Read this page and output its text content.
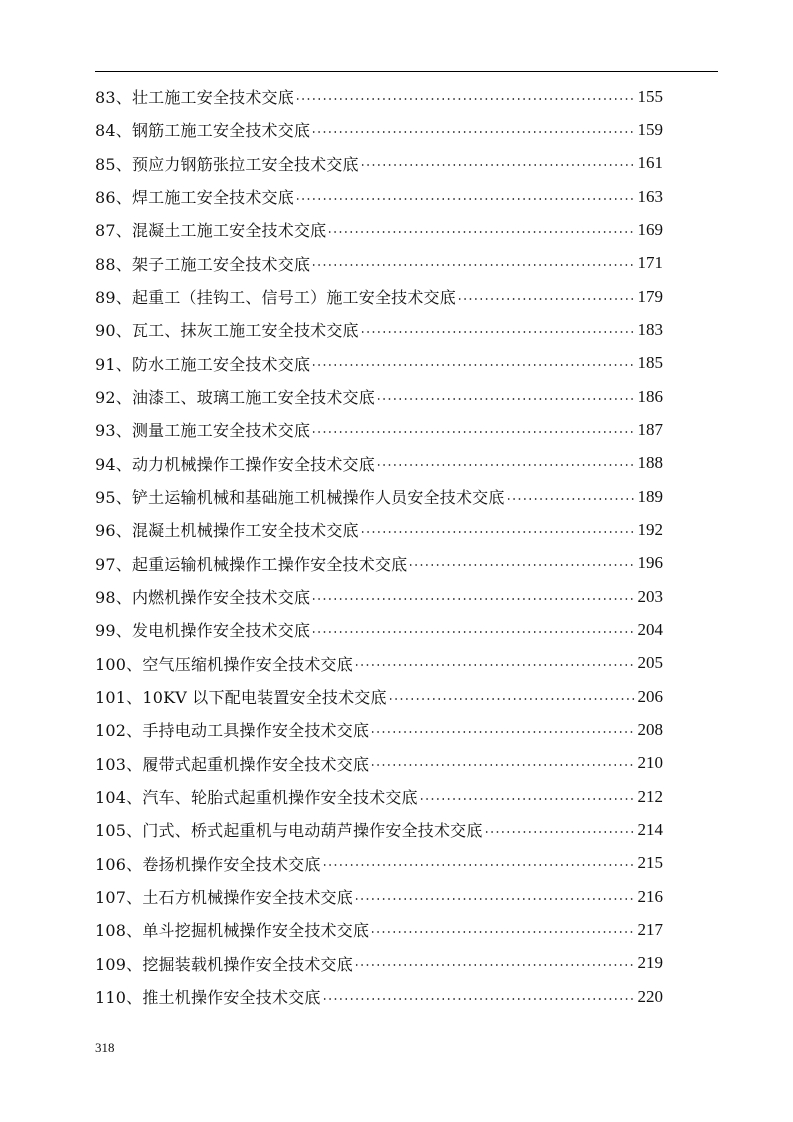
83、壮工施工安全技术交底	155
84、钢筋工施工安全技术交底	159
85、预应力钢筋张拉工安全技术交底	161
86、焊工施工安全技术交底	163
87、混凝土工施工安全技术交底	169
88、架子工施工安全技术交底	171
89、起重工（挂钩工、信号工）施工安全技术交底	179
90、瓦工、抹灰工施工安全技术交底	183
91、防水工施工安全技术交底	185
92、油漆工、玻璃工施工安全技术交底	186
93、测量工施工安全技术交底	187
94、动力机械操作工操作安全技术交底	188
95、铲土运输机械和基础施工机械操作人员安全技术交底	189
96、混凝土机械操作工安全技术交底	192
97、起重运输机械操作工操作安全技术交底	196
98、内燃机操作安全技术交底	203
99、发电机操作安全技术交底	204
100、空气压缩机操作安全技术交底	205
101、10KV 以下配电装置安全技术交底	206
102、手持电动工具操作安全技术交底	208
103、履带式起重机操作安全技术交底	210
104、汽车、轮胎式起重机操作安全技术交底	212
105、门式、桥式起重机与电动葫芦操作安全技术交底	214
106、卷扬机操作安全技术交底	215
107、土石方机械操作安全技术交底	216
108、单斗挖掘机械操作安全技术交底	217
109、挖掘装载机操作安全技术交底	219
110、推土机操作安全技术交底	220
318
